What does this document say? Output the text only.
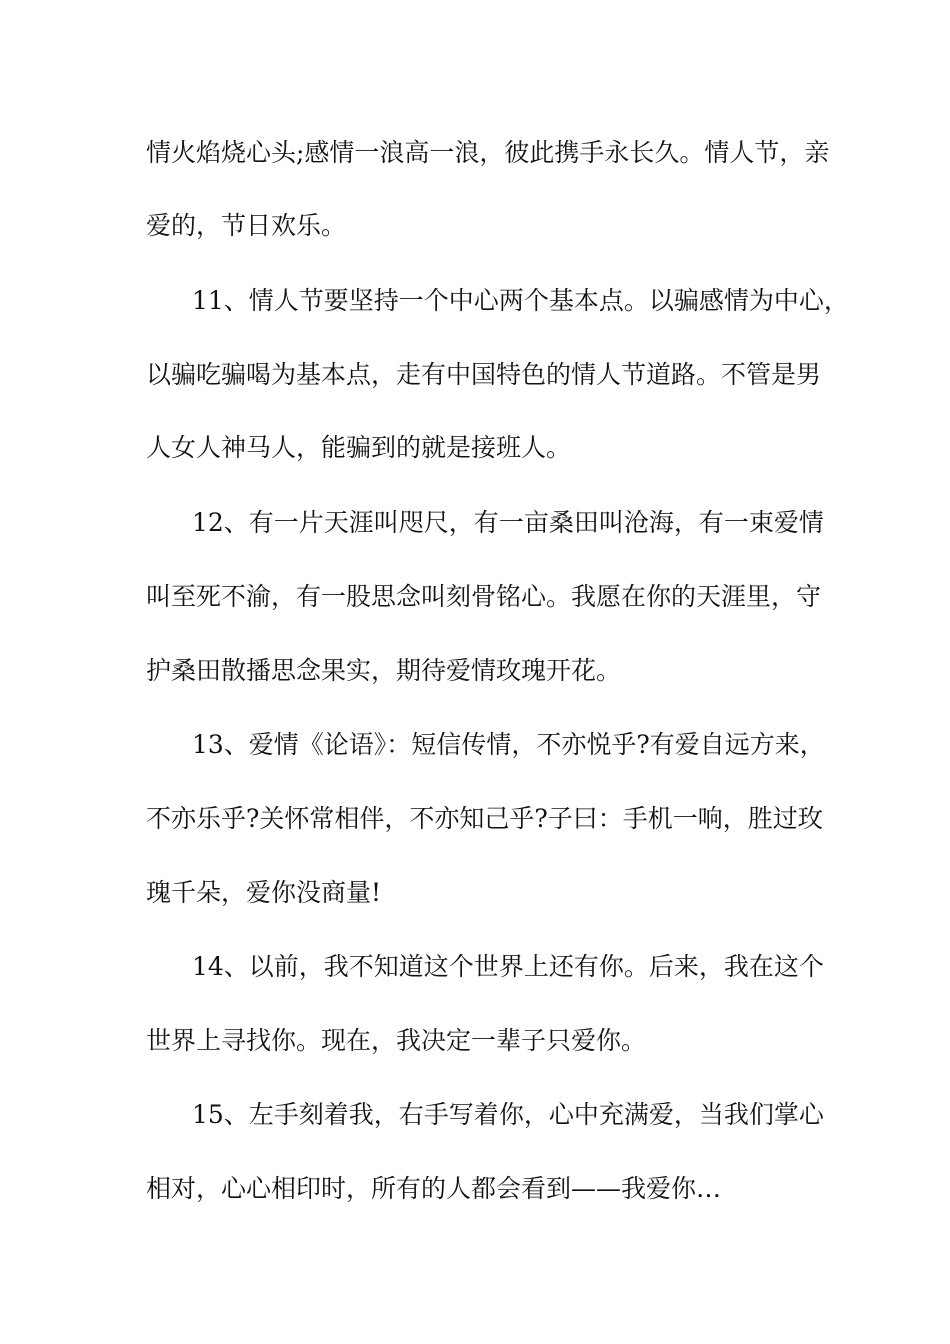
情火焰烧心头;感情一浪高一浪，彼此携手永长久。情人节，亲
爱的，节日欢乐。
11、情人节要坚持一个中心两个基本点。以骗感情为中心，
以骗吃骗喝为基本点，走有中国特色的情人节道路。不管是男
人女人神马人，能骗到的就是接班人。
12、有一片天涯叫咫尺，有一亩桑田叫沧海，有一束爱情
叫至死不渝，有一股思念叫刻骨铭心。我愿在你的天涯里，守
护桑田散播思念果实，期待爱情玫瑰开花。
13、爱情《论语》：短信传情，不亦悦乎?有爱自远方来，
不亦乐乎?关怀常相伴，不亦知己乎?子曰：手机一响，胜过玫
瑰千朵，爱你没商量!
14、以前，我不知道这个世界上还有你。后来，我在这个
世界上寻找你。现在，我决定一辈子只爱你。
15、左手刻着我，右手写着你，心中充满爱，当我们掌心
相对，心心相印时，所有的人都会看到——我爱你…
